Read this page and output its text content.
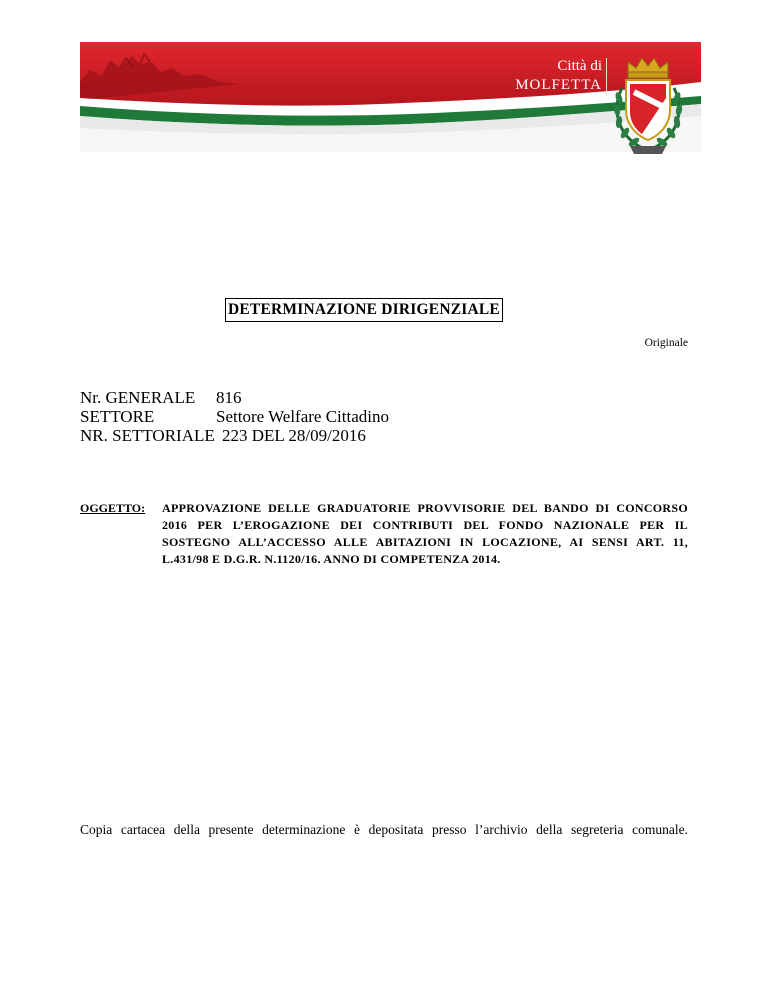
Città di
MOLFETTA
DETERMINAZIONE DIRIGENZIALE
Originale
Nr. GENERALE 816
SETTORE	Settore Welfare Cittadino
NR. SETTORIALE 223 DEL 28/09/2016
OGGETTO: APPROVAZIONE DELLE GRADUATORIE PROVVISORIE DEL BANDO DI CONCORSO 2016 PER L’EROGAZIONE DEI CONTRIBUTI DEL FONDO NAZIONALE PER IL SOSTEGNO ALL’ACCESSO ALLE ABITAZIONI IN LOCAZIONE, AI SENSI ART. 11, L.431/98 E D.G.R. N.1120/16. ANNO DI COMPETENZA 2014.
Copia cartacea della presente determinazione è depositata presso l’archivio della segreteria comunale.
